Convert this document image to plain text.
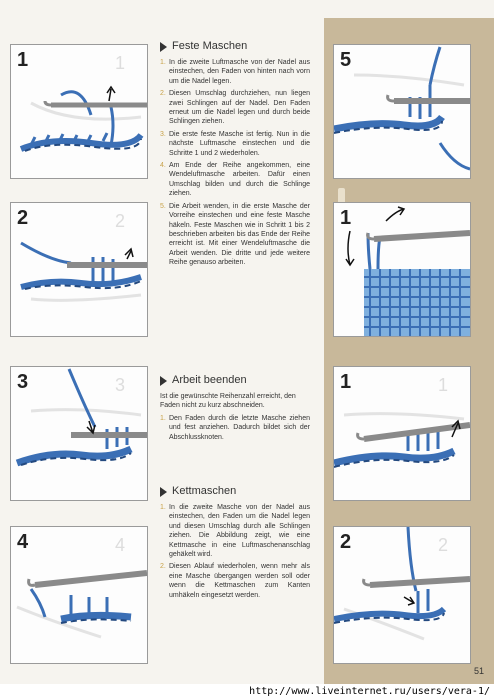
1
1
2
2
3
3
4
4
5
1
1
1
2
2
Feste Maschen
1. In die zweite Luftmasche von der Nadel aus einstechen, den Faden von hinten nach vorn um die Nadel legen.
2. Diesen Umschlag durchziehen, nun liegen zwei Schlingen auf der Nadel. Den Faden erneut um die Nadel legen und durch beide Schlingen ziehen.
3. Die erste feste Masche ist fertig. Nun in die nächste Luftmasche einstechen und die Schritte 1 und 2 wiederholen.
4. Am Ende der Reihe angekommen, eine Wendeluftmasche arbeiten. Dafür einen Umschlag bilden und durch die Schlinge ziehen.
5. Die Arbeit wenden, in die erste Masche der Vorreihe einstechen und eine feste Masche häkeln. Feste Maschen wie in Schritt 1 bis 2 beschrieben arbeiten bis das Ende der Reihe erreicht ist. Mit einer Wendeluftmasche die Arbeit wenden. Die dritte und jede weitere Reihe genauso arbeiten.
Arbeit beenden

Ist die gewünschte Reihenzahl erreicht, den Faden nicht zu kurz abschneiden.

1. Den Faden durch die letzte Masche ziehen und fest anziehen. Dadurch bildet sich der Abschlussknoten.
Kettmaschen
1. In die zweite Masche von der Nadel aus einstechen, den Faden um die Nadel legen und diesen Umschlag durch alle Schlingen ziehen. Die Abbildung zeigt, wie eine Kettmasche in eine Luftmaschenanschlag gehäkelt wird.
2. Diesen Ablauf wiederholen, wenn mehr als eine Masche übergangen werden soll oder wenn die Kettmaschen zum Kanten umhäkeln eingesetzt werden.
51
http://www.liveinternet.ru/users/vera-1/
